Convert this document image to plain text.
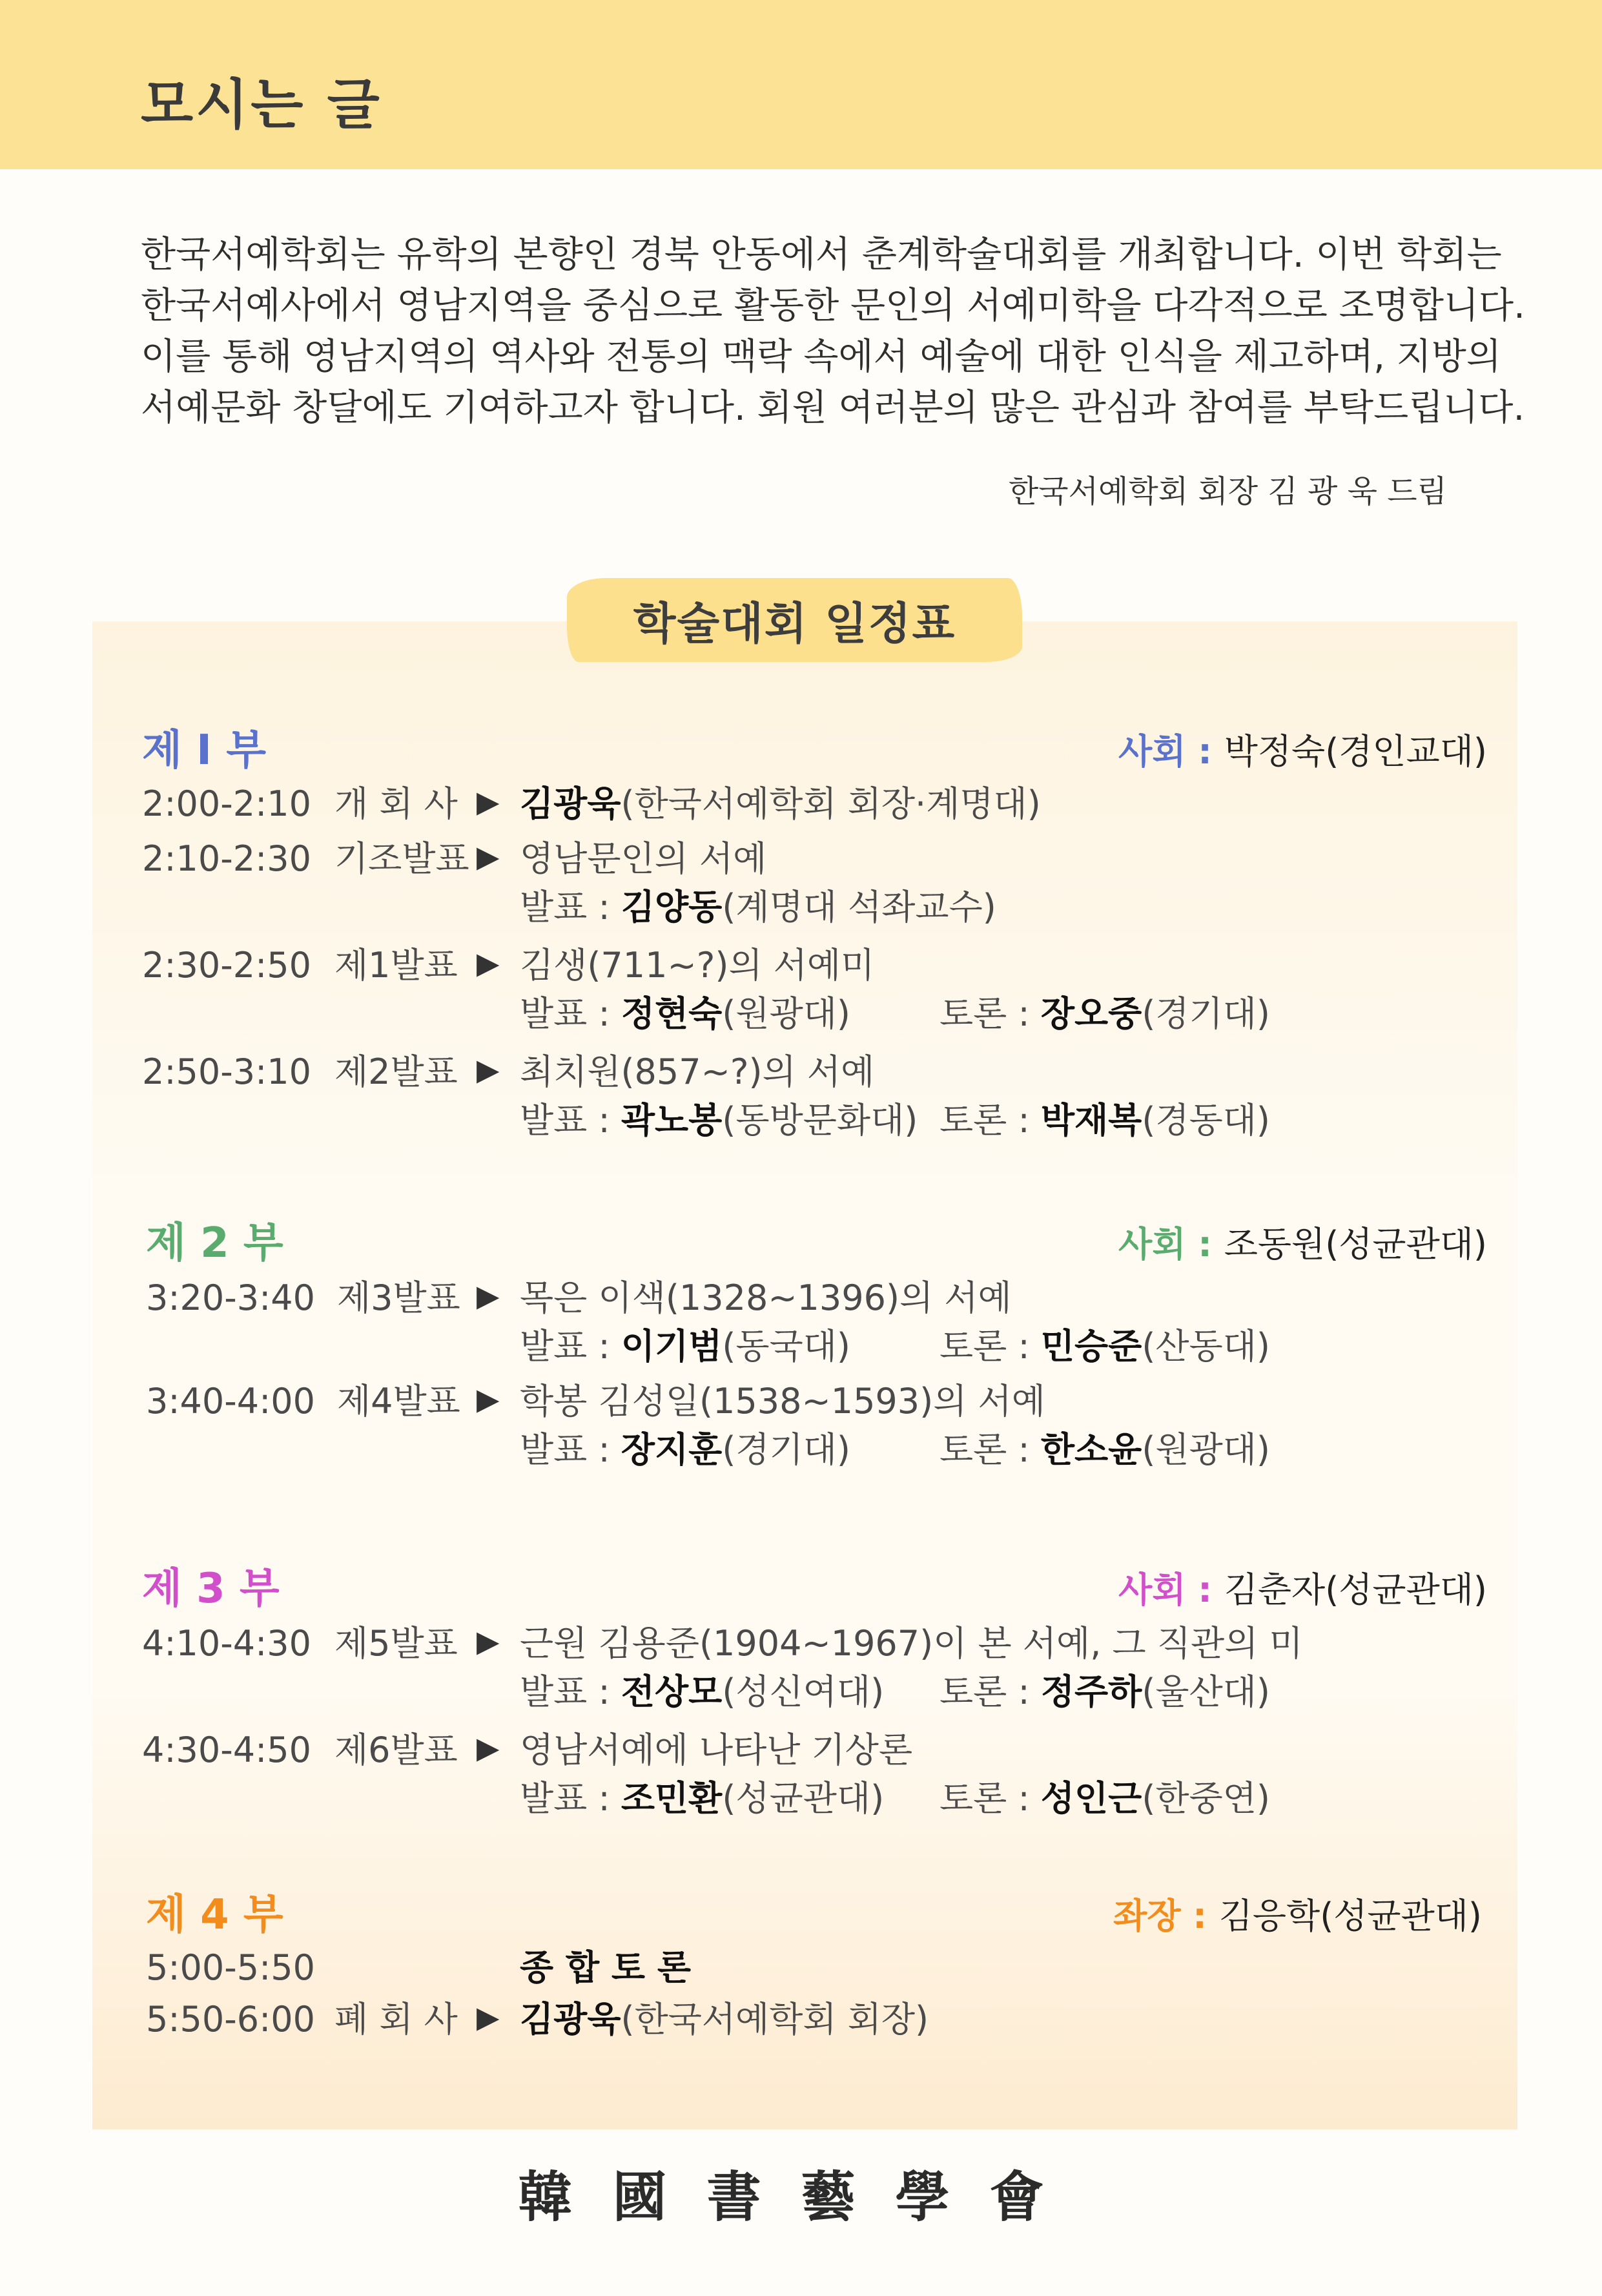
모시는 글
한국서예학회는 유학의 본향인 경북 안동에서 춘계학술대회를 개최합니다. 이번 학회는
한국서예사에서 영남지역을 중심으로 활동한 문인의 서예미학을 다각적으로 조명합니다.
이를 통해 영남지역의 역사와 전통의 맥락 속에서 예술에 대한 인식을 제고하며, 지방의
서예문화 창달에도 기여하고자 합니다. 회원 여러분의 많은 관심과 참여를 부탁드립니다.
한국서예학회 회장 김 광 욱 드림
학술대회 일정표
제 I 부	사회 : 박정숙(경인교대)
2:00-2:10 개 회 사 ▶ 김광욱(한국서예학회 회장·계명대)
2:10-2:30 기조발표 ▶ 영남문인의 서예
발표 : 김양동(계명대 석좌교수)
2:30-2:50 제1발표 ▶ 김생(711~?)의 서예미
발표 : 정현숙(원광대)	토론 : 장오중(경기대)
2:50-3:10 제2발표 ▶ 최치원(857~?)의 서예
발표 : 곽노봉(동방문화대) 토론 : 박재복(경동대)
제 2 부	사회 : 조동원(성균관대)
3:20-3:40 제3발표 ▶ 목은 이색(1328~1396)의 서예
발표 : 이기범(동국대)	토론 : 민승준(산동대)
3:40-4:00 제4발표 ▶ 학봉 김성일(1538~1593)의 서예
발표 : 장지훈(경기대)	토론 : 한소윤(원광대)
제 3 부	사회 : 김춘자(성균관대)
4:10-4:30 제5발표 ▶ 근원 김용준(1904~1967)이 본 서예, 그 직관의 미
발표 : 전상모(성신여대) 토론 : 정주하(울산대)
4:30-4:50 제6발표 ▶ 영남서예에 나타난 기상론
발표 : 조민환(성균관대) 토론 : 성인근(한중연)
제 4 부	좌장 : 김응학(성균관대)
5:00-5:50	종 합 토 론
5:50-6:00 폐 회 사 ▶ 김광욱(한국서예학회 회장)
韓國書藝學會
